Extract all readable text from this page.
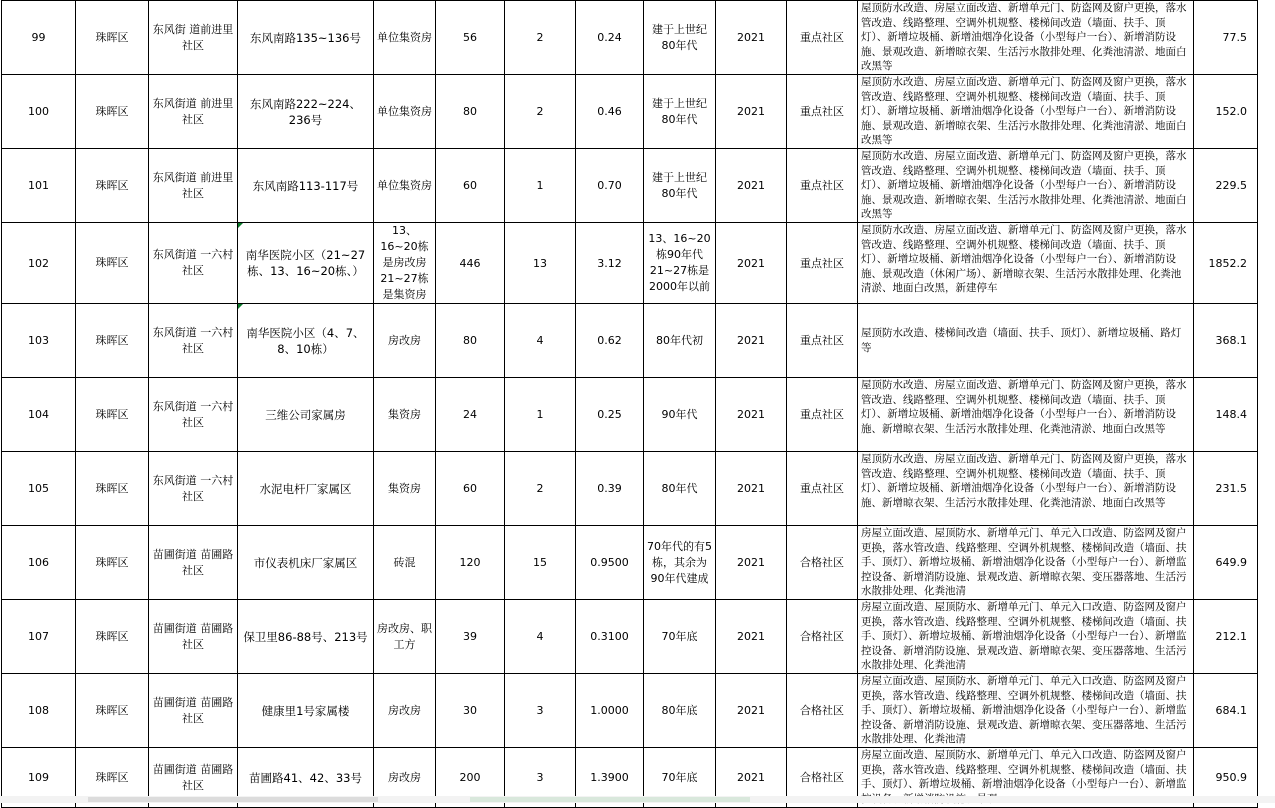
99	珠晖区	东风街 道前进里社区	东风南路135~136号	单位集资房	56	2	0.24	建于上世纪80年代	2021	重点社区	屋顶防水改造、房屋立面改造、新增单元门、防盗网及窗户更换，落水管改造、线路整理、空调外机规整、楼梯间改造（墙面、扶手、顶灯）、新增垃圾桶、新增油烟净化设备（小型每户一台）、新增消防设施、景观改造、新增晾衣架、生活污水散排处理、化粪池清淤、地面白改黑等	77.5
100	珠晖区	东风街道 前进里社区	东风南路222~224、236号	单位集资房	80	2	0.46	建于上世纪80年代	2021	重点社区	屋顶防水改造、房屋立面改造、新增单元门、防盗网及窗户更换，落水管改造、线路整理、空调外机规整、楼梯间改造（墙面、扶手、顶灯）、新增垃圾桶、新增油烟净化设备（小型每户一台）、新增消防设施、景观改造、新增晾衣架、生活污水散排处理、化粪池清淤、地面白改黑等	152.0
101	珠晖区	东风街道 前进里社区	东风南路113-117号	单位集资房	60	1	0.70	建于上世纪80年代	2021	重点社区	屋顶防水改造、房屋立面改造、新增单元门、防盗网及窗户更换，落水管改造、线路整理、空调外机规整、楼梯间改造（墙面、扶手、顶灯）、新增垃圾桶、新增油烟净化设备（小型每户一台）、新增消防设施、景观改造、新增晾衣架、生活污水散排处理、化粪池清淤、地面白改黑等	229.5
102	珠晖区	东风街道 一六村社区	南华医院小区（21~27栋、13、16~20栋、）	13、16~20栋是房改房21~27栋是集资房	446	13	3.12	13、16~20栋90年代21~27栋是2000年以前	2021	重点社区	屋顶防水改造、房屋立面改造、新增单元门、防盗网及窗户更换，落水管改造、线路整理、空调外机规整、楼梯间改造（墙面、扶手、顶灯）、新增垃圾桶、新增油烟净化设备（小型每户一台）、新增消防设施、景观改造（休闲广场）、新增晾衣架、生活污水散排处理、化粪池清淤、地面白改黑，新建停车	1852.2
103	珠晖区	东风街道 一六村社区	南华医院小区（4、7、8、10栋）	房改房	80	4	0.62	80年代初	2021	重点社区	屋顶防水改造、楼梯间改造（墙面、扶手、顶灯）、新增垃圾桶、路灯等	368.1
104	珠晖区	东风街道 一六村社区	三维公司家属房	集资房	24	1	0.25	90年代	2021	重点社区	屋顶防水改造、房屋立面改造、新增单元门、防盗网及窗户更换，落水管改造、线路整理、空调外机规整、楼梯间改造（墙面、扶手、顶灯）、新增垃圾桶、新增油烟净化设备（小型每户一台）、新增消防设施、新增晾衣架、生活污水散排处理、化粪池清淤、地面白改黑等	148.4
105	珠晖区	东风街道 一六村社区	水泥电杆厂家属区	集资房	60	2	0.39	80年代	2021	重点社区	屋顶防水改造、房屋立面改造、新增单元门、防盗网及窗户更换，落水管改造、线路整理、空调外机规整、楼梯间改造（墙面、扶手、顶灯）、新增垃圾桶、新增油烟净化设备（小型每户一台）、新增消防设施、新增晾衣架、生活污水散排处理、化粪池清淤、地面白改黑等	231.5
106	珠晖区	苗圃街道 苗圃路社区	市仪表机床厂家属区	砖混	120	15	0.9500	70年代的有5栋，其余为90年代建成	2021	合格社区	房屋立面改造、屋顶防水、新增单元门、单元入口改造、防盗网及窗户更换，落水管改造、线路整理、空调外机规整、楼梯间改造（墙面、扶手、顶灯）、新增垃圾桶、新增油烟净化设备（小型每户一台）、新增监控设备、新增消防设施、景观改造、新增晾衣架、变压器落地、生活污水散排处理、化粪池清	649.9
107	珠晖区	苗圃街道 苗圃路社区	保卫里86-88号、213号	房改房、职工方	39	4	0.3100	70年底	2021	合格社区	房屋立面改造、屋顶防水、新增单元门、单元入口改造、防盗网及窗户更换，落水管改造、线路整理、空调外机规整、楼梯间改造（墙面、扶手、顶灯）、新增垃圾桶、新增油烟净化设备（小型每户一台）、新增监控设备、新增消防设施、景观改造、新增晾衣架、变压器落地、生活污水散排处理、化粪池清	212.1
108	珠晖区	苗圃街道 苗圃路社区	健康里1号家属楼	房改房	30	3	1.0000	80年底	2021	合格社区	房屋立面改造、屋顶防水、新增单元门、单元入口改造、防盗网及窗户更换，落水管改造、线路整理、空调外机规整、楼梯间改造（墙面、扶手、顶灯）、新增垃圾桶、新增油烟净化设备（小型每户一台）、新增监控设备、新增消防设施、景观改造、新增晾衣架、变压器落地、生活污水散排处理、化粪池清	684.1
109	珠晖区	苗圃街道 苗圃路社区	苗圃路41、42、33号	房改房	200	3	1.3900	70年底	2021	合格社区	房屋立面改造、屋顶防水、新增单元门、单元入口改造、防盗网及窗户更换，落水管改造、线路整理、空调外机规整、楼梯间改造（墙面、扶手、顶灯）、新增垃圾桶、新增油烟净化设备（小型每户一台）、新增监	950.9
